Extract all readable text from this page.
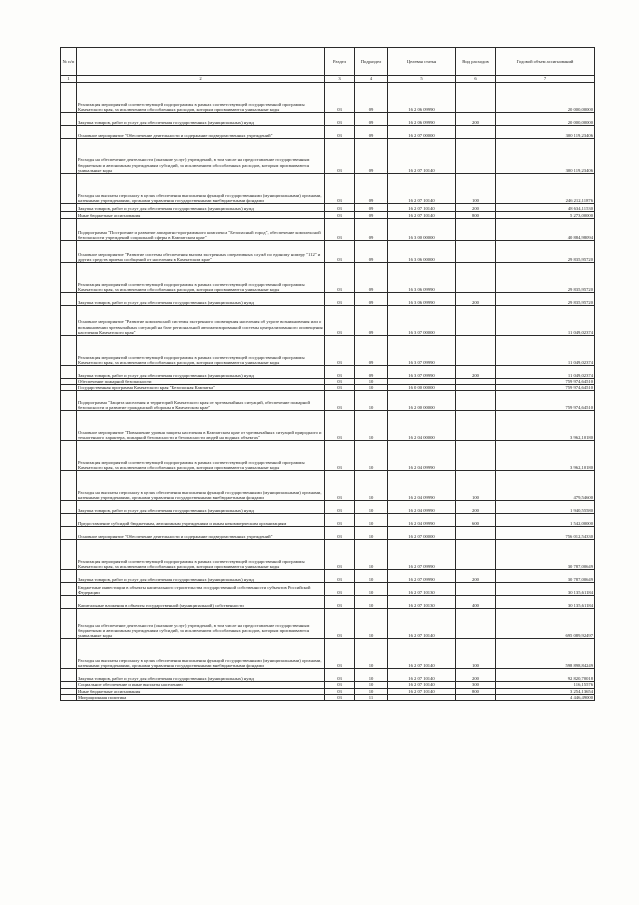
№ п/п		Раздел	Подраздел	Целевая статья	Вид расходов	Годовой объем ассигнований
1	2	3	4	5	6	7
	Реализация мероприятий соответствующей подпрограммы в рамках соответствующей государственной программы Камчатского края, за исключением обособленных расходов, которым присваиваются уникальные коды	03	09	16 2 06 09990		20 000,00000
	Закупка товаров, работ и услуг для обеспечения государственных (муниципальных) нужд	03	09	16 2 06 09990	200	20 000,00000
	Основное мероприятие "Обеспечение деятельности и содержание подведомственных учреждений"	03	09	16 2 07 00000		300 119,23406
	Расходы на обеспечение деятельности (оказание услуг) учреждений, в том числе на предоставление государственным бюджетным и автономным учреждениям субсидий, за исключением обособленных расходов, которым присваиваются уникальные коды	03	09	16 2 07 10140		300 119,23406
	Расходы на выплаты персоналу в целях обеспечения выполнения функций государственными (муниципальными) органами, казенными учреждениями, органами управления государственными внебюджетными фондами	03	09	16 2 07 10140	100	246 212,11876
	Закупка товаров, работ и услуг для обеспечения государственных (муниципальных) нужд	03	09	16 2 07 10140	200	48 634,11530
	Иные бюджетные ассигнования	03	09	16 2 07 10140	800	5 273,00000
	Подпрограмма "Построение и развитие аппаратно-программного комплекса "Безопасный город", обеспечение комплексной безопасности учреждений социальной сферы в Камчатском крае"	03	09	16 3 00 00000		40 884,98094
	Основное мероприятие "Развитие системы обеспечения вызова экстренных оперативных служб по единому номеру "112" и других средств приема сообщений от населения в Камчатском крае"	03	09	16 3 06 00000		29 835,95720
	Реализация мероприятий соответствующей подпрограммы в рамках соответствующей государственной программы Камчатского края, за исключением обособленных расходов, которым присваиваются уникальные коды	03	09	16 3 06 09990		29 835,95720
	Закупка товаров, работ и услуг для обеспечения государственных (муниципальных) нужд	03	09	16 3 06 09990	200	29 835,95720
	Основное мероприятие "Развитие комплексной системы экстренного оповещения населения об угрозе возникновения или о возникновении чрезвычайных ситуаций на базе региональной автоматизированной системы централизованного оповещения населения Камчатского края"	03	09	16 3 07 00000		11 049,02374
	Реализация мероприятий соответствующей подпрограммы в рамках соответствующей государственной программы Камчатского края, за исключением обособленных расходов, которым присваиваются уникальные коды	03	09	16 3 07 09990		11 049,02374
	Закупка товаров, работ и услуг для обеспечения государственных (муниципальных) нужд	03	09	16 3 07 09990	200	11 049,02374
	Обеспечение пожарной безопасности	03	10			759 974,64510
	Государственная программа Камчатского края "Безопасная Камчатка"	03	10	16 0 00 00000		759 974,64510
	Подпрограмма "Защита населения и территорий Камчатского края от чрезвычайных ситуаций, обеспечение пожарной безопасности и развитие гражданской обороны в Камчатском крае"	03	10	16 2 00 00000		759 974,64510
	Основное мероприятие "Повышение уровня защиты населения в Камчатском крае от чрезвычайных ситуаций природного и техногенного характера, пожарной безопасности и безопасности людей на водных объектах"	03	10	16 2 04 00000		3 962,10180
	Реализация мероприятий соответствующей подпрограммы в рамках соответствующей государственной программы Камчатского края, за исключением обособленных расходов, которым присваиваются уникальные коды	03	10	16 2 04 09990		3 962,10180
	Расходы на выплаты персоналу в целях обеспечения выполнения функций государственными (муниципальными) органами, казенными учреждениями, органами управления государственными внебюджетными фондами	03	10	16 2 04 09990	100	479,54600
	Закупка товаров, работ и услуг для обеспечения государственных (муниципальных) нужд	03	10	16 2 04 09990	200	1 940,55580
	Предоставление субсидий бюджетным, автономным учреждениям и иным некоммерческим организациям	03	10	16 2 04 09990	600	1 542,00000
	Основное мероприятие "Обеспечение деятельности и содержание подведомственных учреждений"	03	10	16 2 07 00000		756 012,54330
	Реализация мероприятий соответствующей подпрограммы в рамках соответствующей государственной программы Камчатского края, за исключением обособленных расходов, которым присваиваются уникальные коды	03	10	16 2 07 09990		30 787,00649
	Закупка товаров, работ и услуг для обеспечения государственных (муниципальных) нужд	03	10	16 2 07 09990	200	30 787,00649
	Бюджетные инвестиции в объекты капитального строительства государственной собственности субъектов Российской Федерации	03	10	16 2 07 10130		30 135,61184
	Капитальные вложения в объекты государственной (муниципальной) собственности	03	10	16 2 07 10130	400	30 135,61184
	Расходы на обеспечение деятельности (оказание услуг) учреждений, в том числе на предоставление государственным бюджетным и автономным учреждениям субсидий, за исключением обособленных расходов, которым присваиваются уникальные коды	03	10	16 2 07 10140		695 089,92497
	Расходы на выплаты персоналу в целях обеспечения выполнения функций государственными (муниципальными) органами, казенными учреждениями, органами управления государственными внебюджетными фондами	03	10	16 2 07 10140	100	598 898,84249
	Закупка товаров, работ и услуг для обеспечения государственных (муниципальных) нужд	03	10	16 2 07 10140	200	92 820,70018
	Социальное обеспечение и иные выплаты населению	03	10	16 2 07 10140	300	116,15576
	Иные бюджетные ассигнования	03	10	16 2 07 10140	800	3 254,13654
	Миграционная политика	03	11			4 446,49000
